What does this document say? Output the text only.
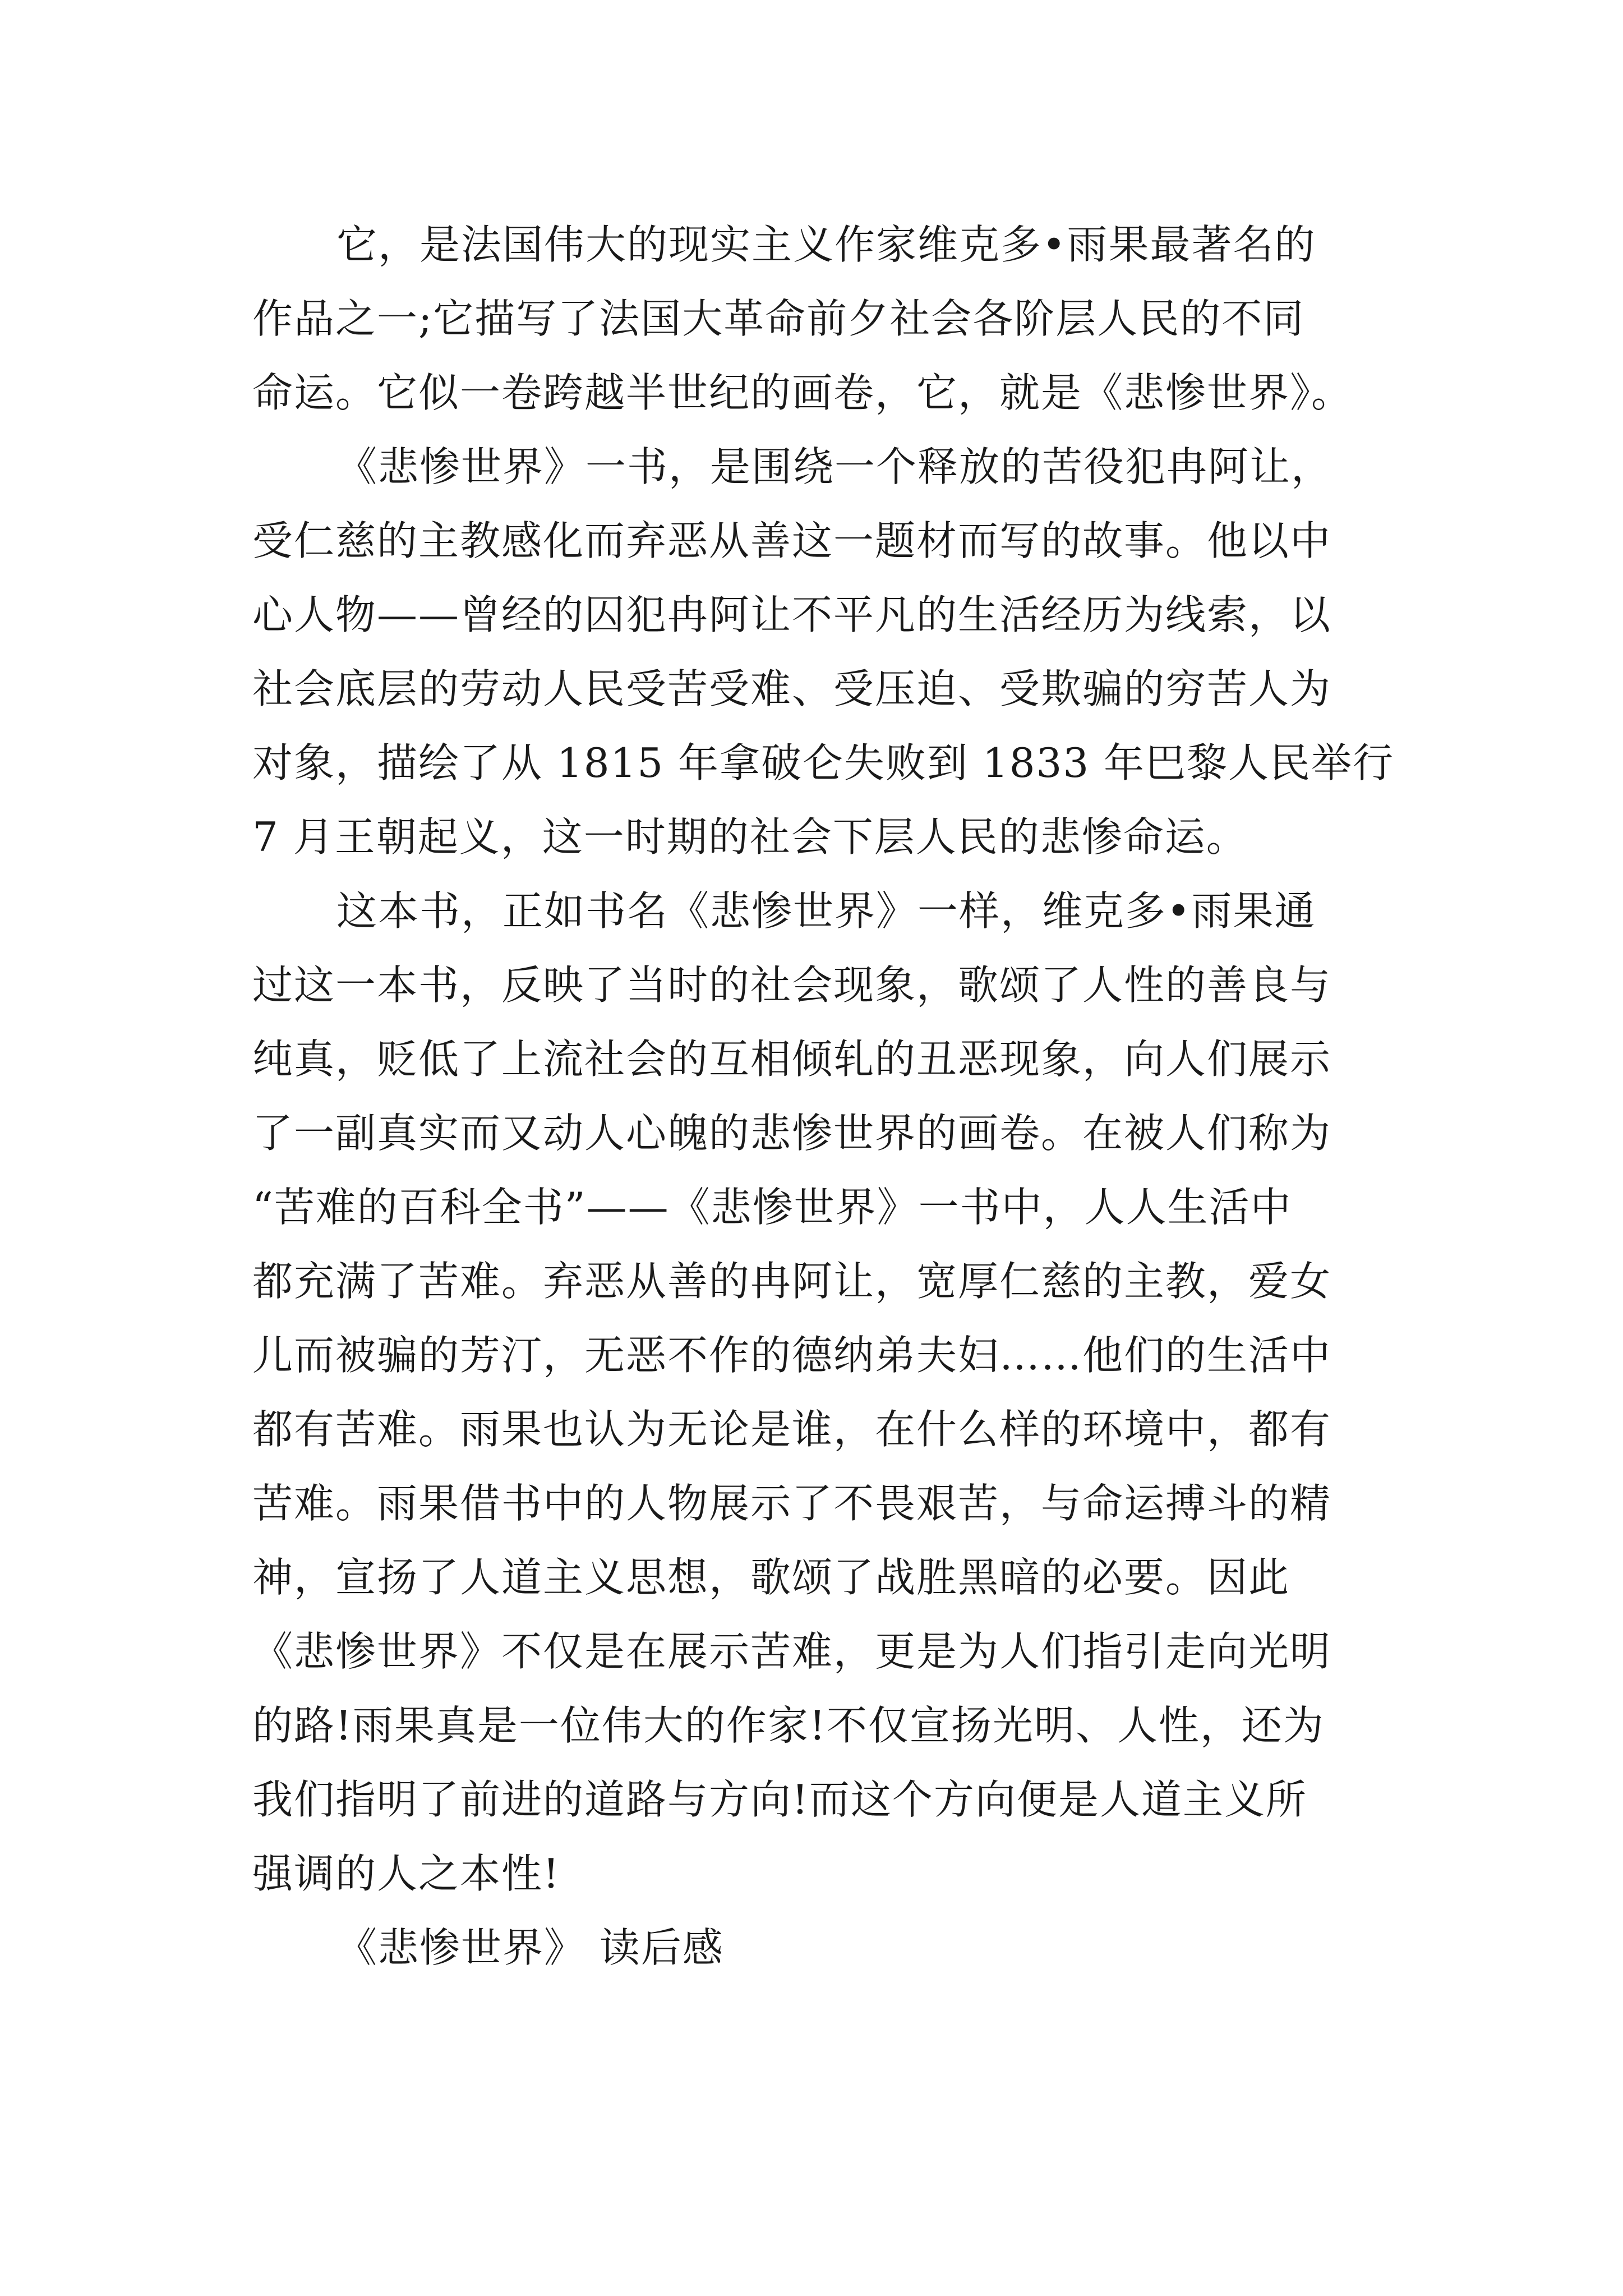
它，是法国伟大的现实主义作家维克多•雨果最著名的
作品之一;它描写了法国大革命前夕社会各阶层人民的不同
命运。它似一卷跨越半世纪的画卷，它，就是《悲惨世界》。
《悲惨世界》一书，是围绕一个释放的苦役犯冉阿让，
受仁慈的主教感化而弃恶从善这一题材而写的故事。他以中
心人物——曾经的囚犯冉阿让不平凡的生活经历为线索，以
社会底层的劳动人民受苦受难、受压迫、受欺骗的穷苦人为
对象，描绘了从 1815 年拿破仑失败到 1833 年巴黎人民举行
7 月王朝起义，这一时期的社会下层人民的悲惨命运。
这本书，正如书名《悲惨世界》一样，维克多•雨果通
过这一本书，反映了当时的社会现象，歌颂了人性的善良与
纯真，贬低了上流社会的互相倾轧的丑恶现象，向人们展示
了一副真实而又动人心魄的悲惨世界的画卷。在被人们称为
“苦难的百科全书”——《悲惨世界》一书中，人人生活中
都充满了苦难。弃恶从善的冉阿让，宽厚仁慈的主教，爱女
儿而被骗的芳汀，无恶不作的德纳弟夫妇……他们的生活中
都有苦难。雨果也认为无论是谁，在什么样的环境中，都有
苦难。雨果借书中的人物展示了不畏艰苦，与命运搏斗的精
神，宣扬了人道主义思想，歌颂了战胜黑暗的必要。因此
《悲惨世界》不仅是在展示苦难，更是为人们指引走向光明
的路!雨果真是一位伟大的作家!不仅宣扬光明、人性，还为
我们指明了前进的道路与方向!而这个方向便是人道主义所
强调的人之本性!
《悲惨世界》 读后感
